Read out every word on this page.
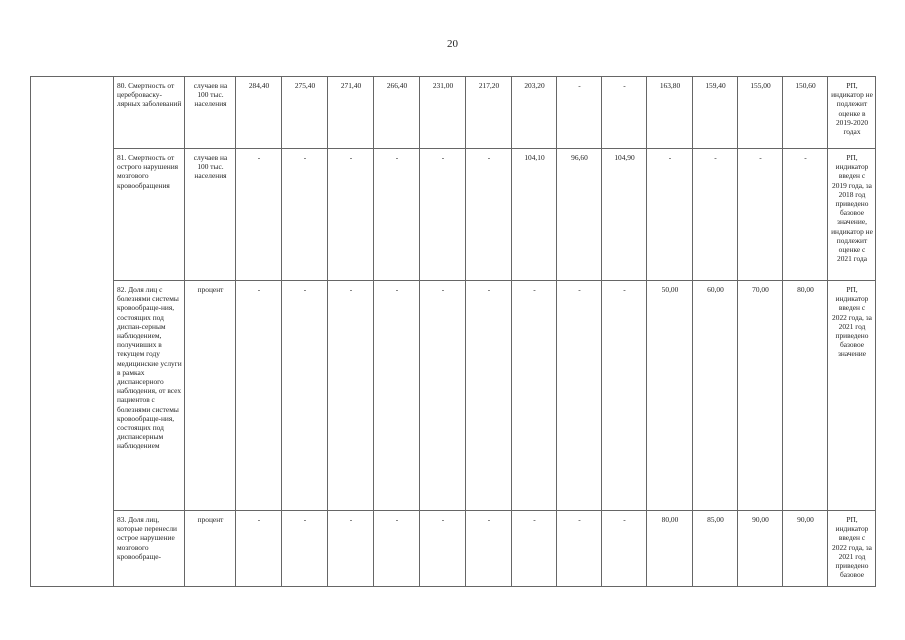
20
	80. Смертность от цереброваску-лярных заболеваний	случаев на 100 тыс. населения	284,40	275,40	271,40	266,40	231,00	217,20	203,20	-	-	163,80	159,40	155,00	150,60	РП, индикатор не подлежит оценке в 2019-2020 годах
	81. Смертность от острого нарушения мозгового кровообращения	случаев на 100 тыс. населения	-	-	-	-	-	-	104,10	96,60	104,90	-	-	-	-	РП, индикатор введен с 2019 года, за 2018 год приведено базовое значение, индикатор не подлежит оценке с 2021 года
	82. Доля лиц с болезнями системы кровообраще-ния, состоящих под диспан-серным наблюдением, получивших в текущем году медицинские услуги в рамках диспансерного наблюдения, от всех пациентов с болезнями системы кровообраще-ния, состоящих под диспансерным наблюдением	процент	-	-	-	-	-	-	-	-	-	50,00	60,00	70,00	80,00	РП, индикатор введен с 2022 года, за 2021 год приведено базовое значение
	83. Доля лиц, которые перенесли острое нарушение мозгового кровообраще-	процент	-	-	-	-	-	-	-	-	-	80,00	85,00	90,00	90,00	РП, индикатор введен с 2022 года, за 2021 год приведено базовое
